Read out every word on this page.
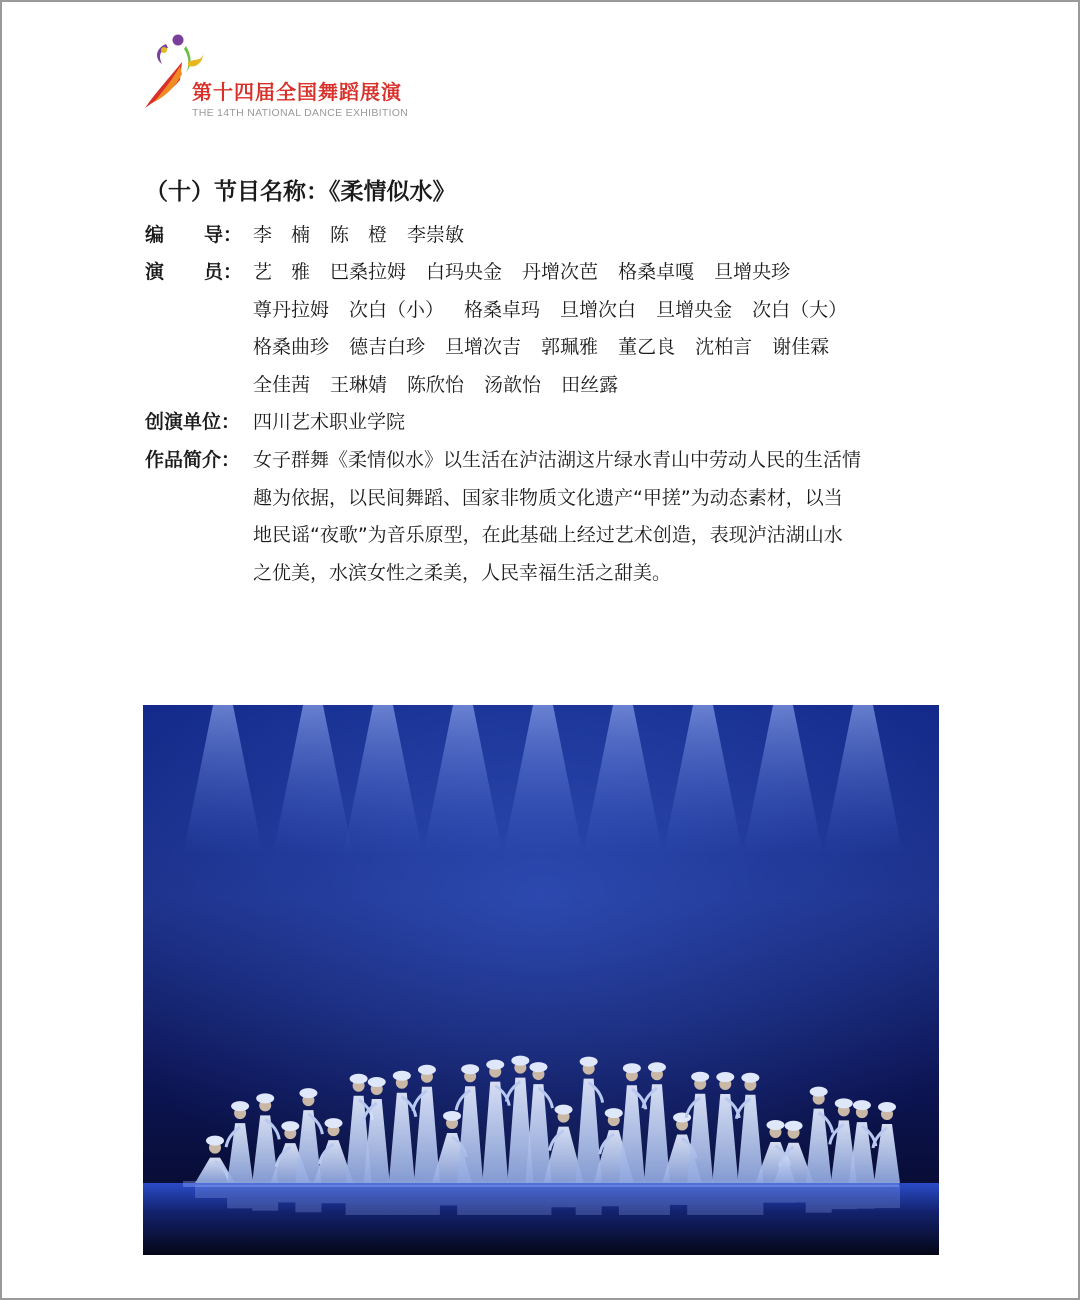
第十四届全国舞蹈展演
THE 14TH NATIONAL DANCE EXHIBITION
（十）节目名称：《柔情似水》
编 导： 李　楠 陈　橙 李崇敏
演 员： 艺　雅 巴桑拉姆 白玛央金 丹增次芭 格桑卓嘎 旦增央珍
尊丹拉姆 次白（小） 格桑卓玛 旦增次白 旦增央金 次白（大）
格桑曲珍 德吉白珍 旦增次吉 郭珮雅 董乙良 沈柏言 谢佳霖
全佳茜 王琳婧 陈欣怡 汤歆怡 田丝露
创演单位： 四川艺术职业学院
作品简介： 女子群舞《柔情似水》以生活在泸沽湖这片绿水青山中劳动人民的生活情
趣为依据，以民间舞蹈、国家非物质文化遗产“甲搓”为动态素材，以当
地民谣“夜歌”为音乐原型，在此基础上经过艺术创造，表现泸沽湖山水
之优美，水滨女性之柔美，人民幸福生活之甜美。
